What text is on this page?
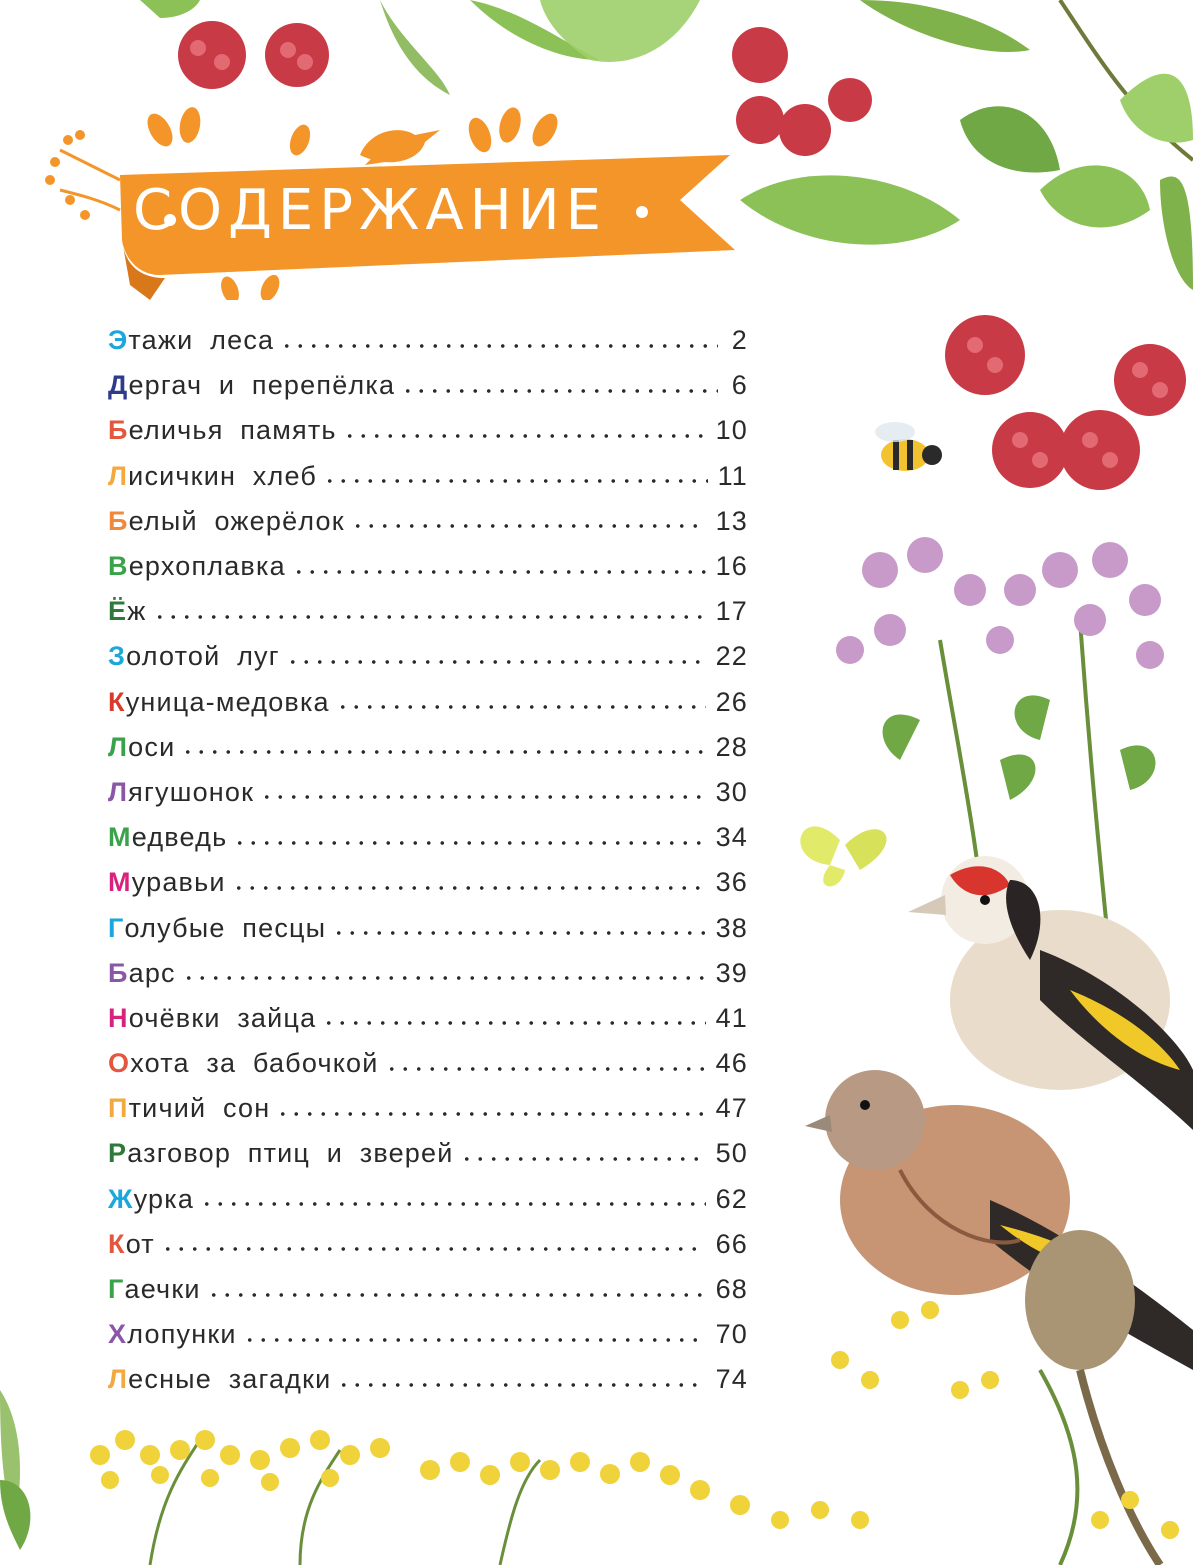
СОДЕРЖАНИЕ
Этажи леса	2
Дергач и перепёлка	6
Беличья память	10
Лисичкин хлеб	11
Белый ожерёлок	13
Верхоплавка	16
Ёж	17
Золотой луг	22
Куница-медовка	26
Лоси	28
Лягушонок	30
Медведь	34
Муравьи	36
Голубые песцы	38
Барс	39
Ночёвки зайца	41
Охота за бабочкой	46
Птичий сон	47
Разговор птиц и зверей	50
Журка	62
Кот	66
Гаечки	68
Хлопунки	70
Лесные загадки	74
